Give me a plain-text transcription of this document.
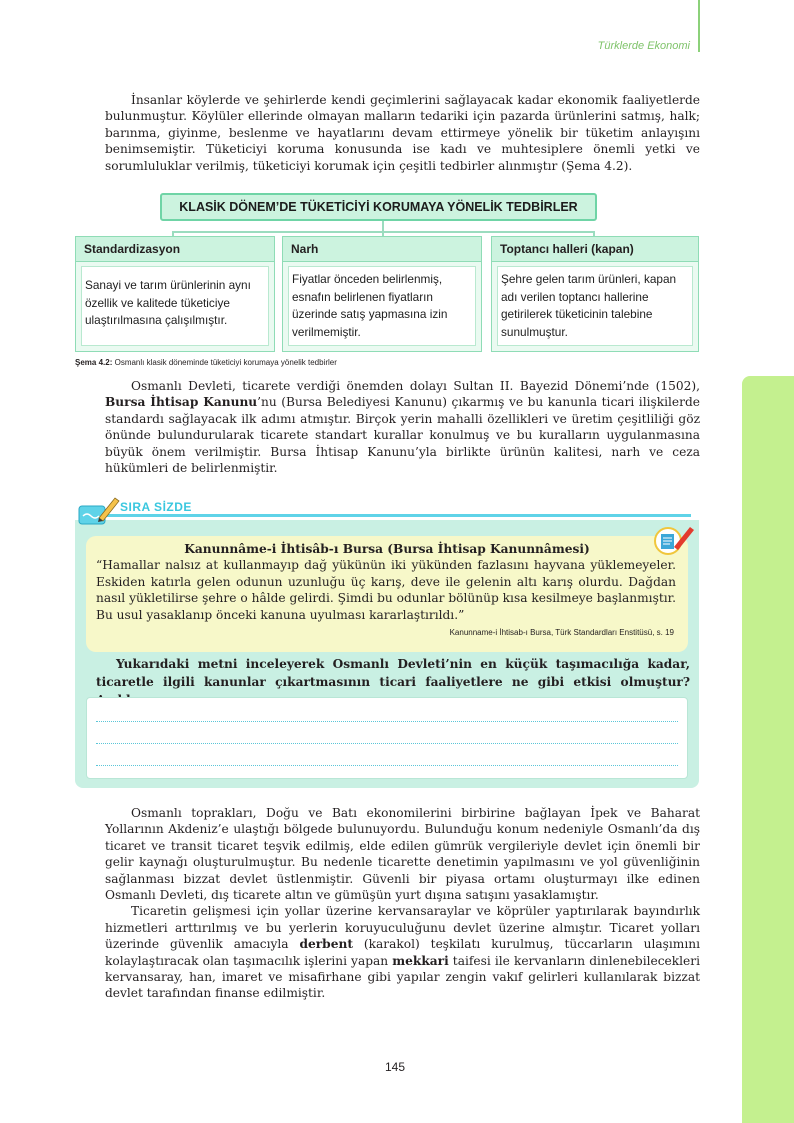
Türklerde Ekonomi

İnsanlar köylerde ve şehirlerde kendi geçimlerini sağlayacak kadar ekonomik faaliyetlerde bulunmuştur. Köylüler ellerinde olmayan malların tedariki için pazarda ürünlerini satmış, halk; barınma, giyinme, beslenme ve hayatlarını devam ettirmeye yönelik bir tüketim anlayışını benimsemiştir. Tüketiciyi koruma konusunda ise kadı ve muhtesiplere önemli yetki ve sorumluluklar verilmiş, tüketiciyi korumak için çeşitli tedbirler alınmıştır (Şema 4.2).

KLASİK DÖNEM’DE TÜKETİCİYİ KORUMAYA YÖNELİK TEDBİRLER
Standardizasyon
Sanayi ve tarım ürünlerinin aynı özellik ve kalitede tüketiciye ulaştırılmasına çalışılmıştır.
Narh
Fiyatlar önceden belirlenmiş, esnafın belirlenen fiyatların üzerinde satış yapmasına izin verilmemiştir.
Toptancı halleri (kapan)
Şehre gelen tarım ürünleri, kapan adı verilen toptancı hallerine getirilerek tüketicinin talebine sunulmuştur.
Şema 4.2: Osmanlı klasik döneminde tüketiciyi korumaya yönelik tedbirler

Osmanlı Devleti, ticarete verdiği önemden dolayı Sultan II. Bayezid Dönemi’nde (1502), Bursa İhtisap Kanunu’nu (Bursa Belediyesi Kanunu) çıkarmış ve bu kanunla ticari ilişkilerde standardı sağlayacak ilk adımı atmıştır. Birçok yerin mahalli özellikleri ve üretim çeşitliliği göz önünde bulundurularak ticarete standart kurallar konulmuş ve bu kuralların uygulanmasına büyük önem verilmiştir. Bursa İhtisap Kanunu’yla birlikte ürünün kalitesi, narh ve ceza hükümleri de belirlenmiştir.

SIRA SİZDE
Kanunnâme-i İhtisâb-ı Bursa (Bursa İhtisap Kanunnâmesi)
“Hamallar nalsız at kullanmayıp dağ yükünün iki yükünden fazlasını hayvana yüklemeyeler. Eskiden katırla gelen odunun uzunluğu üç karış, deve ile gelenin altı karış olurdu. Dağdan nasıl yükletilirse şehre o hâlde gelirdi. Şimdi bu odunlar bölünüp kısa kesilmeye başlanmıştır. Bu usul yasaklanıp önceki kanuna uyulması kararlaştırıldı.”
Kanunname-i İhtisab-ı Bursa, Türk Standardları Enstitüsü, s. 19
Yukarıdaki metni inceleyerek Osmanlı Devleti’nin en küçük taşımacılığa kadar, ticaretle ilgili kanunlar çıkartmasının ticari faaliyetlere ne gibi etkisi olmuştur?

Osmanlı toprakları, Doğu ve Batı ekonomilerini birbirine bağlayan İpek ve Baharat Yollarının Akdeniz’e ulaştığı bölgede bulunuyordu. Bulunduğu konum nedeniyle Osmanlı’da dış ticaret ve transit ticaret teşvik edilmiş, elde edilen gümrük vergileriyle devlet için önemli bir gelir kaynağı oluşturulmuştur. Bu nedenle ticarette denetimin yapılmasını ve yol güvenliğinin sağlanması bizzat devlet üstlenmiştir. Güvenli bir piyasa ortamı oluşturmayı ilke edinen Osmanlı Devleti, dış ticarete altın ve gümüşün yurt dışına satışını yasaklamıştır.

Ticaretin gelişmesi için yollar üzerine kervansaraylar ve köprüler yaptırılarak bayındırlık hizmetleri arttırılmış ve bu yerlerin koruyuculuğunu devlet üzerine almıştır. Ticaret yolları üzerinde güvenlik amacıyla derbent (karakol) teşkilatı kurulmuş, tüccarların ulaşımını kolaylaştıracak olan taşımacılık işlerini yapan mekkari taifesi ile kervanların dinlenebilecekleri kervansaray, han, imaret ve misafirhane gibi yapılar zengin vakıf gelirleri kullanılarak bizzat devlet tarafından finanse edilmiştir.

145
